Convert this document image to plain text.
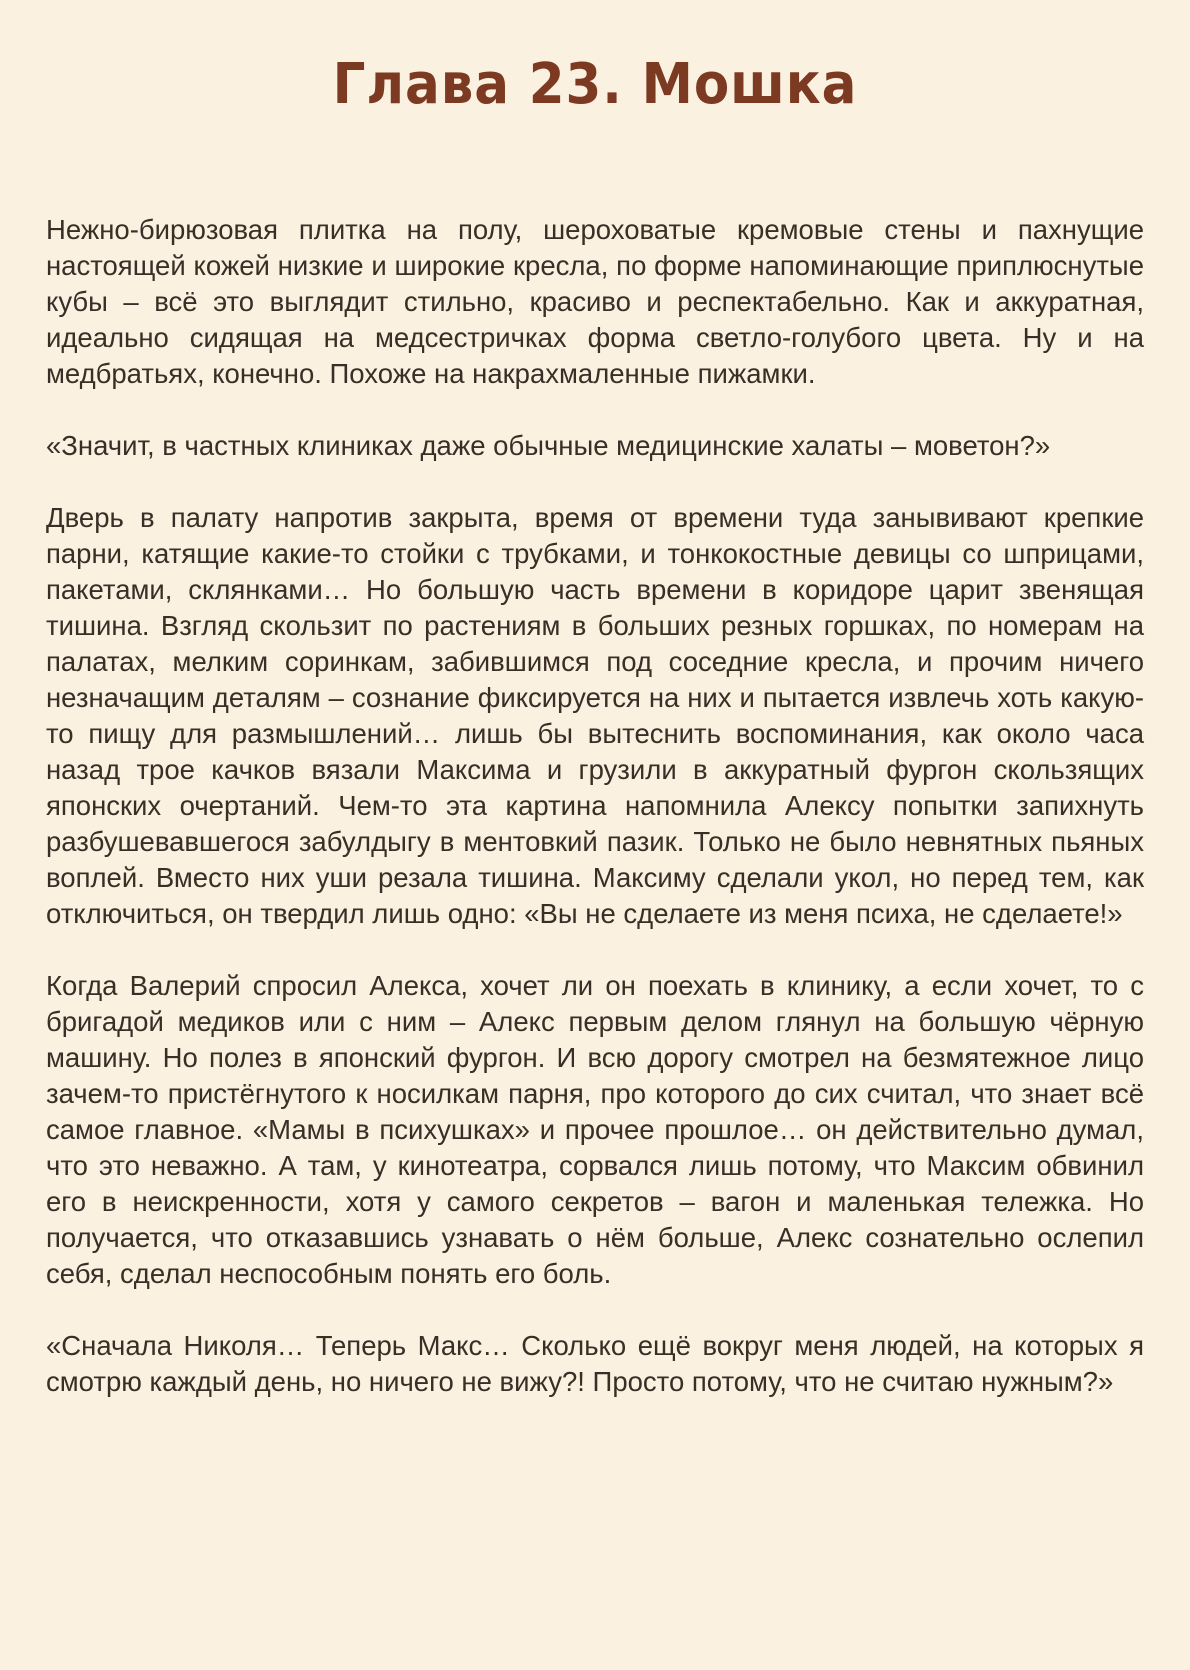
Глава 23. Мошка

Нежно-бирюзовая плитка на полу, шероховатые кремовые стены и пахнущие настоящей кожей низкие и широкие кресла, по форме напоминающие приплюснутые кубы – всё это выглядит стильно, красиво и респектабельно. Как и аккуратная, идеально сидящая на медсестричках форма светло-голубого цвета. Ну и на медбратьях, конечно. Похоже на накрахмаленные пижамки.

«Значит, в частных клиниках даже обычные медицинские халаты – моветон?»

Дверь в палату напротив закрыта, время от времени туда занывивают крепкие парни, катящие какие-то стойки с трубками, и тонкокостные девицы со шприцами, пакетами, склянками… Но большую часть времени в коридоре царит звенящая тишина. Взгляд скользит по растениям в больших резных горшках, по номерам на палатах, мелким соринкам, забившимся под соседние кресла, и прочим ничего незначащим деталям – сознание фиксируется на них и пытается извлечь хоть какую-то пищу для размышлений… лишь бы вытеснить воспоминания, как около часа назад трое качков вязали Максима и грузили в аккуратный фургон скользящих японских очертаний. Чем-то эта картина напомнила Алексу попытки запихнуть разбушевавшегося забулдыгу в ментовкий пазик. Только не было невнятных пьяных воплей. Вместо них уши резала тишина. Максиму сделали укол, но перед тем, как отключиться, он твердил лишь одно: «Вы не сделаете из меня психа, не сделаете!»

Когда Валерий спросил Алекса, хочет ли он поехать в клинику, а если хочет, то с бригадой медиков или с ним – Алекс первым делом глянул на большую чёрную машину. Но полез в японский фургон. И всю дорогу смотрел на безмятежное лицо зачем-то пристёгнутого к носилкам парня, про которого до сих считал, что знает всё самое главное. «Мамы в психушках» и прочее прошлое… он действительно думал, что это неважно. А там, у кинотеатра, сорвался лишь потому, что Максим обвинил его в неискренности, хотя у самого секретов – вагон и маленькая тележка. Но получается, что отказавшись узнавать о нём больше, Алекс сознательно ослепил себя, сделал неспособным понять его боль.

«Сначала Николя… Теперь Макс… Сколько ещё вокруг меня людей, на которых я смотрю каждый день, но ничего не вижу?! Просто потому, что не считаю нужным?»
